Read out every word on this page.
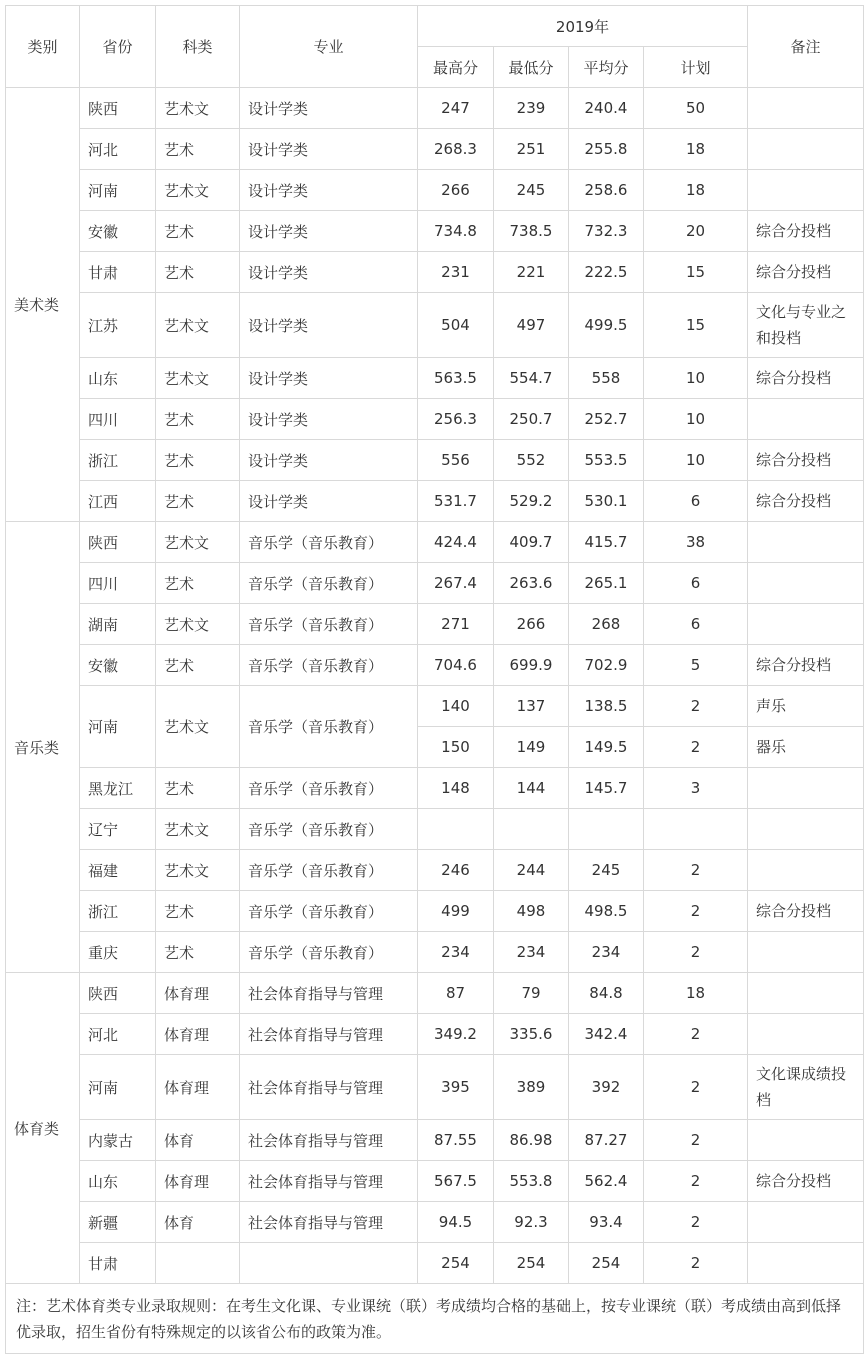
类别	省份	科类	专业	2019年				备注
				最高分	最低分	平均分	计划	
美术类	陕西	艺术文	设计学类	247	239	240.4	50	
	河北	艺术	设计学类	268.3	251	255.8	18	
	河南	艺术文	设计学类	266	245	258.6	18	
	安徽	艺术	设计学类	734.8	738.5	732.3	20	综合分投档
	甘肃	艺术	设计学类	231	221	222.5	15	综合分投档
	江苏	艺术文	设计学类	504	497	499.5	15	文化与专业之和投档
	山东	艺术文	设计学类	563.5	554.7	558	10	综合分投档
	四川	艺术	设计学类	256.3	250.7	252.7	10	
	浙江	艺术	设计学类	556	552	553.5	10	综合分投档
	江西	艺术	设计学类	531.7	529.2	530.1	6	综合分投档
音乐类	陕西	艺术文	音乐学（音乐教育）	424.4	409.7	415.7	38	
	四川	艺术	音乐学（音乐教育）	267.4	263.6	265.1	6	
	湖南	艺术文	音乐学（音乐教育）	271	266	268	6	
	安徽	艺术	音乐学（音乐教育）	704.6	699.9	702.9	5	综合分投档
	河南	艺术文	音乐学（音乐教育）	140	137	138.5	2	声乐
				150	149	149.5	2	器乐
	黑龙江	艺术	音乐学（音乐教育）	148	144	145.7	3	
	辽宁	艺术文	音乐学（音乐教育）					
	福建	艺术文	音乐学（音乐教育）	246	244	245	2	
	浙江	艺术	音乐学（音乐教育）	499	498	498.5	2	综合分投档
	重庆	艺术	音乐学（音乐教育）	234	234	234	2	
体育类	陕西	体育理	社会体育指导与管理	87	79	84.8	18	
	河北	体育理	社会体育指导与管理	349.2	335.6	342.4	2	
	河南	体育理	社会体育指导与管理	395	389	392	2	文化课成绩投档
	内蒙古	体育	社会体育指导与管理	87.55	86.98	87.27	2	
	山东	体育理	社会体育指导与管理	567.5	553.8	562.4	2	综合分投档
	新疆	体育	社会体育指导与管理	94.5	92.3	93.4	2	
	甘肃			254	254	254	2	
注：艺术体育类专业录取规则：在考生文化课、专业课统（联）考成绩均合格的基础上，按专业课统（联）考成绩由高到低择优录取，招生省份有特殊规定的以该省公布的政策为准。								
